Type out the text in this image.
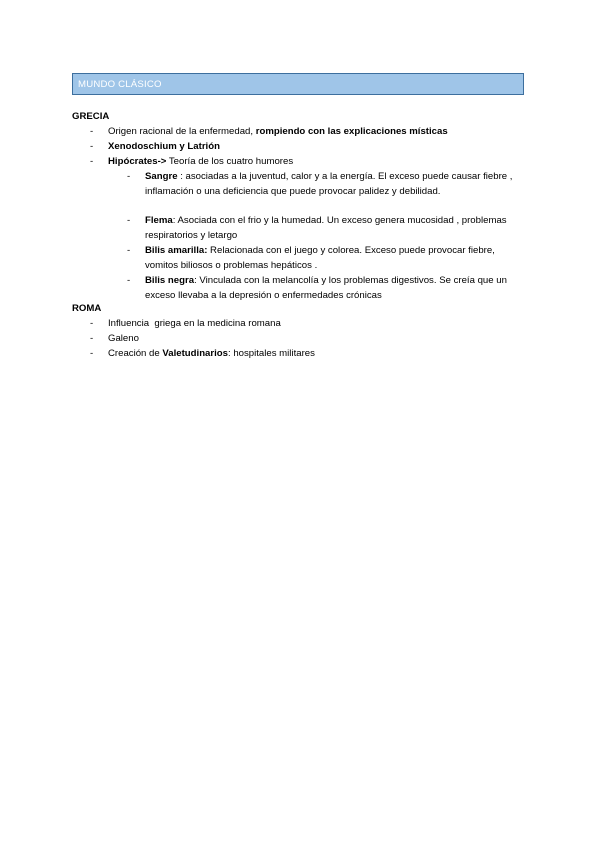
MUNDO CLÁSICO
GRECIA
- Origen racional de la enfermedad, rompiendo con las explicaciones místicas
- Xenodoschium y Latrión
- Hipócrates-> Teoría de los cuatro humores
- Sangre : asociadas a la juventud, calor y a la energía. El exceso puede causar fiebre , inflamación o una deficiencia que puede provocar palidez y debilidad.
- Flema: Asociada con el frio y la humedad. Un exceso genera mucosidad , problemas respiratorios y letargo
- Bilis amarilla: Relacionada con el juego y colorea. Exceso puede provocar fiebre, vomitos biliosos o problemas hepáticos .
- Bilis negra: Vinculada con la melancolía y los problemas digestivos. Se creía que un exceso llevaba a la depresión o enfermedades crónicas
ROMA
- Influencia  griega en la medicina romana
- Galeno
- Creación de Valetudinarios: hospitales militares
